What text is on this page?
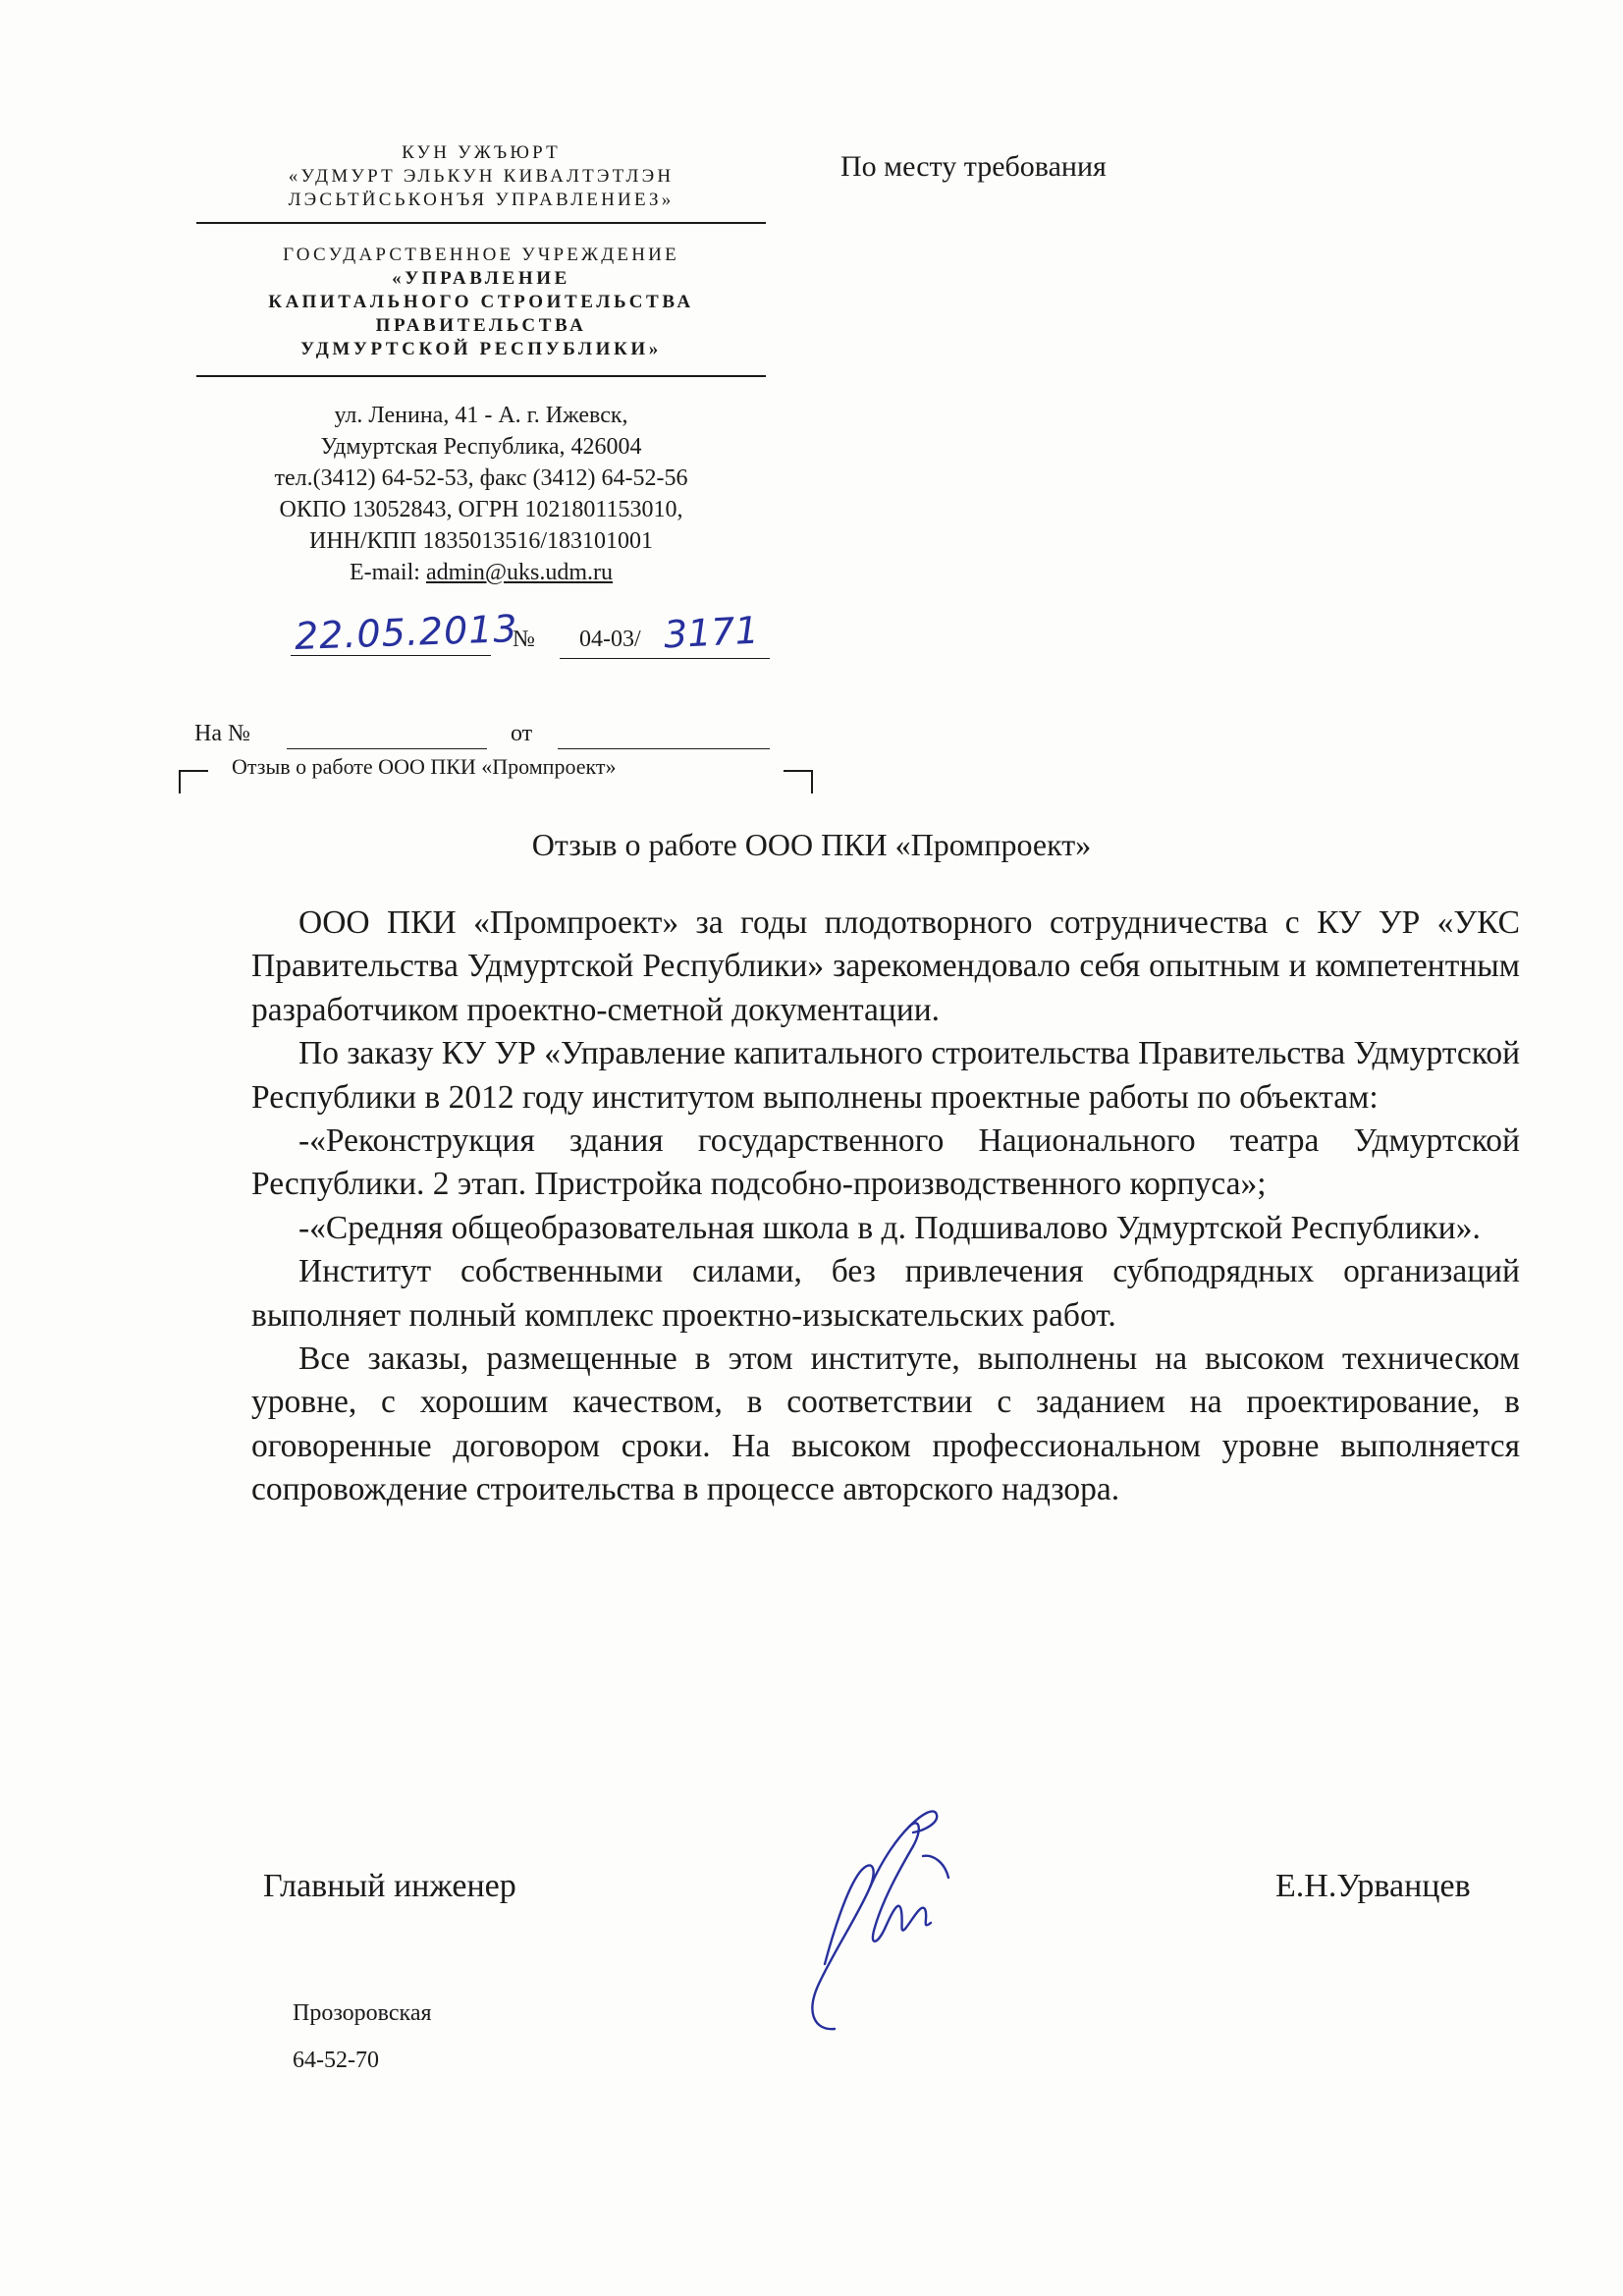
КУН УЖЪЮРТ
«УДМУРТ ЭЛЬКУН КИВАЛТЭТЛЭН
ЛЭСЬТӤСЬКОНЪЯ УПРАВЛЕНИЕЗ»
ГОСУДАРСТВЕННОЕ УЧРЕЖДЕНИЕ
«УПРАВЛЕНИЕ
КАПИТАЛЬНОГО СТРОИТЕЛЬСТВА
ПРАВИТЕЛЬСТВА
УДМУРТСКОЙ РЕСПУБЛИКИ»
ул. Ленина, 41 - А. г. Ижевск,
Удмуртская Республика, 426004
тел.(3412) 64-52-53, факс (3412) 64-52-56
ОКПО 13052843, ОГРН 1021801153010,
ИНН/КПП 1835013516/183101001
E-mail: admin@uks.udm.ru
По месту требования
22.05.2013
№ 04-03/ 3171
На №	от
Отзыв о работе ООО ПКИ «Промпроект»
Отзыв о работе ООО ПКИ «Промпроект»

ООО ПКИ «Промпроект» за годы плодотворного сотрудничества с КУ УР «УКС Правительства Удмуртской Республики» зарекомендовало себя опытным и компетентным разработчиком проектно-сметной документации.

По заказу КУ УР «Управление капитального строительства Правительства Удмуртской Республики в 2012 году институтом выполнены проектные работы по объектам:

-«Реконструкция здания государственного Национального театра Удмуртской Республики. 2 этап. Пристройка подсобно-производственного корпуса»;

-«Средняя общеобразовательная школа в д. Подшивалово Удмуртской Республики».

Институт собственными силами, без привлечения субподрядных организаций выполняет полный комплекс проектно-изыскательских работ.

Все заказы, размещенные в этом институте, выполнены на высоком техническом уровне, с хорошим качеством, в соответствии с заданием на проектирование, в оговоренные договором сроки. На высоком профессиональном уровне выполняется сопровождение строительства в процессе авторского надзора.

Главный инженер	Е.Н.Урванцев
Прозоровская
64-52-70
